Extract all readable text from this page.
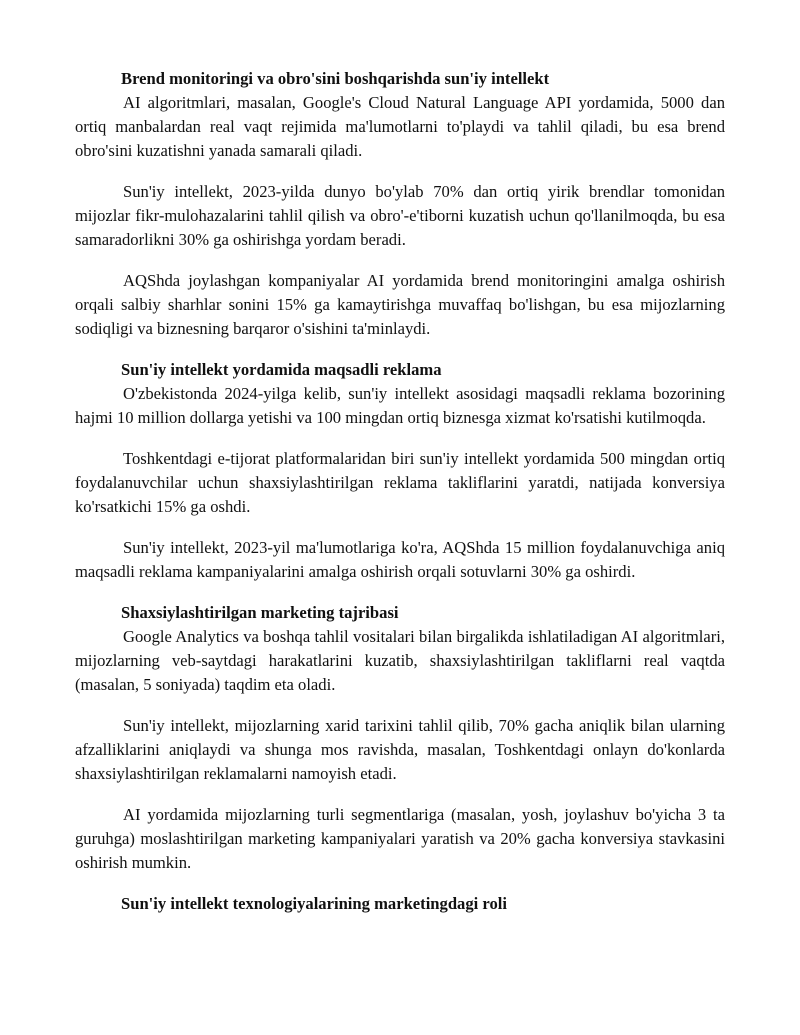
Brend monitoringi va obro'sini boshqarishda sun'iy intellekt

AI algoritmlari, masalan, Google's Cloud Natural Language API yordamida, 5000 dan ortiq manbalardan real vaqt rejimida ma'lumotlarni to'playdi va tahlil qiladi, bu esa brend obro'sini kuzatishni yanada samarali qiladi.

Sun'iy intellekt, 2023-yilda dunyo bo'ylab 70% dan ortiq yirik brendlar tomonidan mijozlar fikr-mulohazalarini tahlil qilish va obro'-e'tiborni kuzatish uchun qo'llanilmoqda, bu esa samaradorlikni 30% ga oshirishga yordam beradi.

AQShda joylashgan kompaniyalar AI yordamida brend monitoringini amalga oshirish orqali salbiy sharhlar sonini 15% ga kamaytirishga muvaffaq bo'lishgan, bu esa mijozlarning sodiqligi va biznesning barqaror o'sishini ta'minlaydi.

Sun'iy intellekt yordamida maqsadli reklama

O'zbekistonda 2024-yilga kelib, sun'iy intellekt asosidagi maqsadli reklama bozorining hajmi 10 million dollarga yetishi va 100 mingdan ortiq biznesga xizmat ko'rsatishi kutilmoqda.

Toshkentdagi e-tijorat platformalaridan biri sun'iy intellekt yordamida 500 mingdan ortiq foydalanuvchilar uchun shaxsiylashtirilgan reklama takliflarini yaratdi, natijada konversiya ko'rsatkichi 15% ga oshdi.

Sun'iy intellekt, 2023-yil ma'lumotlariga ko'ra, AQShda 15 million foydalanuvchiga aniq maqsadli reklama kampaniyalarini amalga oshirish orqali sotuvlarni 30% ga oshirdi.

Shaxsiylashtirilgan marketing tajribasi

Google Analytics va boshqa tahlil vositalari bilan birgalikda ishlatiladigan AI algoritmlari, mijozlarning veb-saytdagi harakatlarini kuzatib, shaxsiylashtirilgan takliflarni real vaqtda (masalan, 5 soniyada) taqdim eta oladi.

Sun'iy intellekt, mijozlarning xarid tarixini tahlil qilib, 70% gacha aniqlik bilan ularning afzalliklarini aniqlaydi va shunga mos ravishda, masalan, Toshkentdagi onlayn do'konlarda shaxsiylashtirilgan reklamalarni namoyish etadi.

AI yordamida mijozlarning turli segmentlariga (masalan, yosh, joylashuv bo'yicha 3 ta guruhga) moslashtirilgan marketing kampaniyalari yaratish va 20% gacha konversiya stavkasini oshirish mumkin.

Sun'iy intellekt texnologiyalarining marketingdagi roli
